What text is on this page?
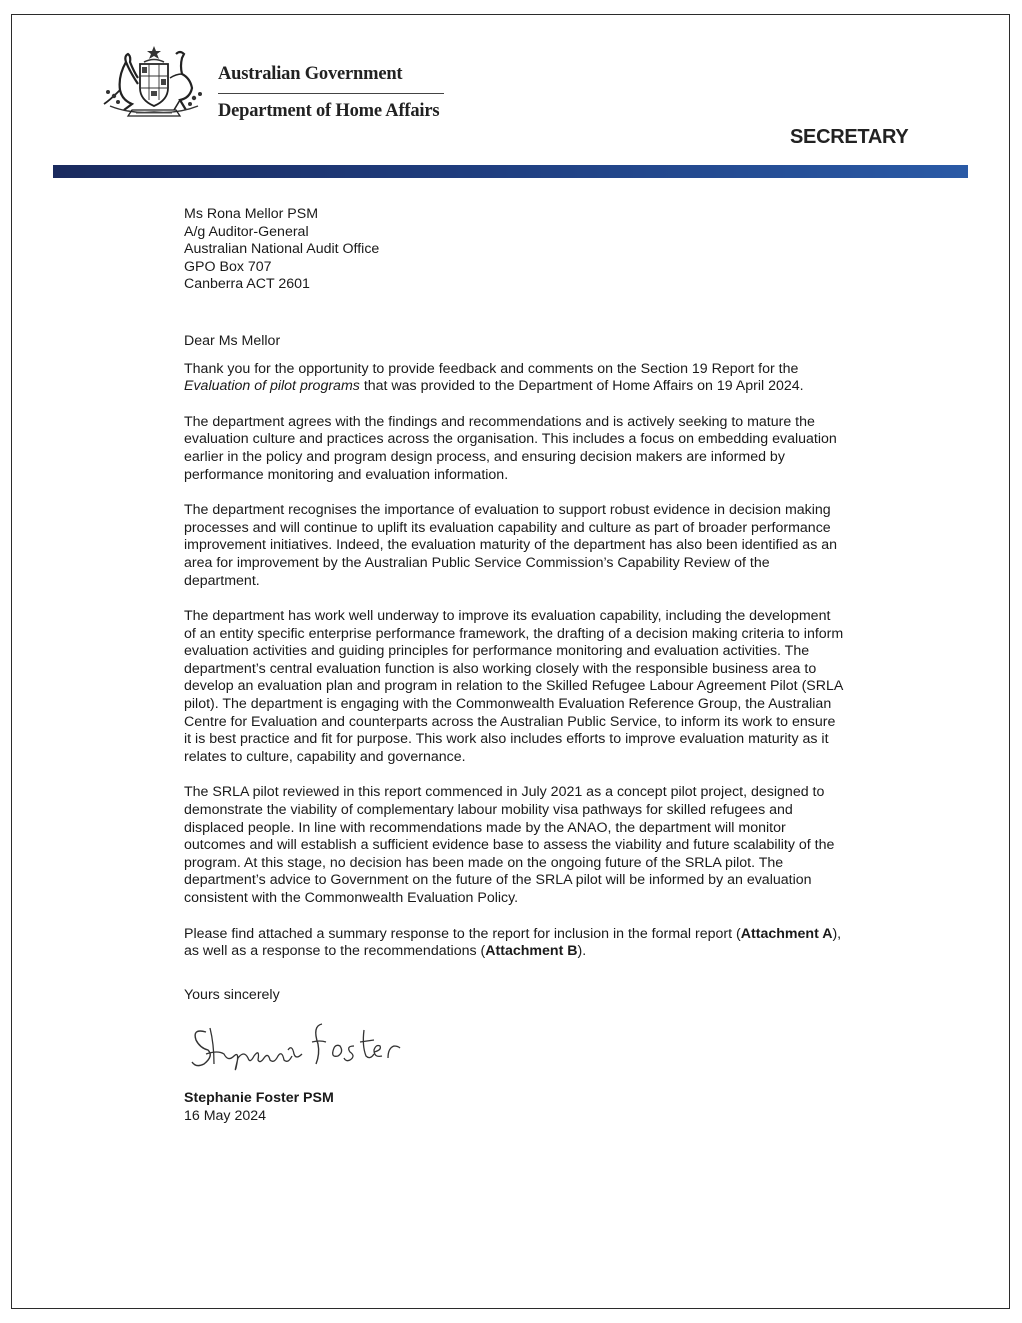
Australian Government
Department of Home Affairs
SECRETARY
Ms Rona Mellor PSM
A/g Auditor-General
Australian National Audit Office
GPO Box 707
Canberra ACT 2601
Dear Ms Mellor
Thank you for the opportunity to provide feedback and comments on the Section 19 Report for the Evaluation of pilot programs that was provided to the Department of Home Affairs on 19 April 2024.
The department agrees with the findings and recommendations and is actively seeking to mature the evaluation culture and practices across the organisation. This includes a focus on embedding evaluation earlier in the policy and program design process, and ensuring decision makers are informed by performance monitoring and evaluation information.
The department recognises the importance of evaluation to support robust evidence in decision making processes and will continue to uplift its evaluation capability and culture as part of broader performance improvement initiatives. Indeed, the evaluation maturity of the department has also been identified as an area for improvement by the Australian Public Service Commission’s Capability Review of the department.
The department has work well underway to improve its evaluation capability, including the development of an entity specific enterprise performance framework, the drafting of a decision making criteria to inform evaluation activities and guiding principles for performance monitoring and evaluation activities. The department’s central evaluation function is also working closely with the responsible business area to develop an evaluation plan and program in relation to the Skilled Refugee Labour Agreement Pilot (SRLA pilot). The department is engaging with the Commonwealth Evaluation Reference Group, the Australian Centre for Evaluation and counterparts across the Australian Public Service, to inform its work to ensure it is best practice and fit for purpose. This work also includes efforts to improve evaluation maturity as it relates to culture, capability and governance.
The SRLA pilot reviewed in this report commenced in July 2021 as a concept pilot project, designed to demonstrate the viability of complementary labour mobility visa pathways for skilled refugees and displaced people. In line with recommendations made by the ANAO, the department will monitor outcomes and will establish a sufficient evidence base to assess the viability and future scalability of the program. At this stage, no decision has been made on the ongoing future of the SRLA pilot. The department’s advice to Government on the future of the SRLA pilot will be informed by an evaluation consistent with the Commonwealth Evaluation Policy.
Please find attached a summary response to the report for inclusion in the formal report (Attachment A), as well as a response to the recommendations (Attachment B).
Yours sincerely
Stephanie Foster PSM
16 May 2024
